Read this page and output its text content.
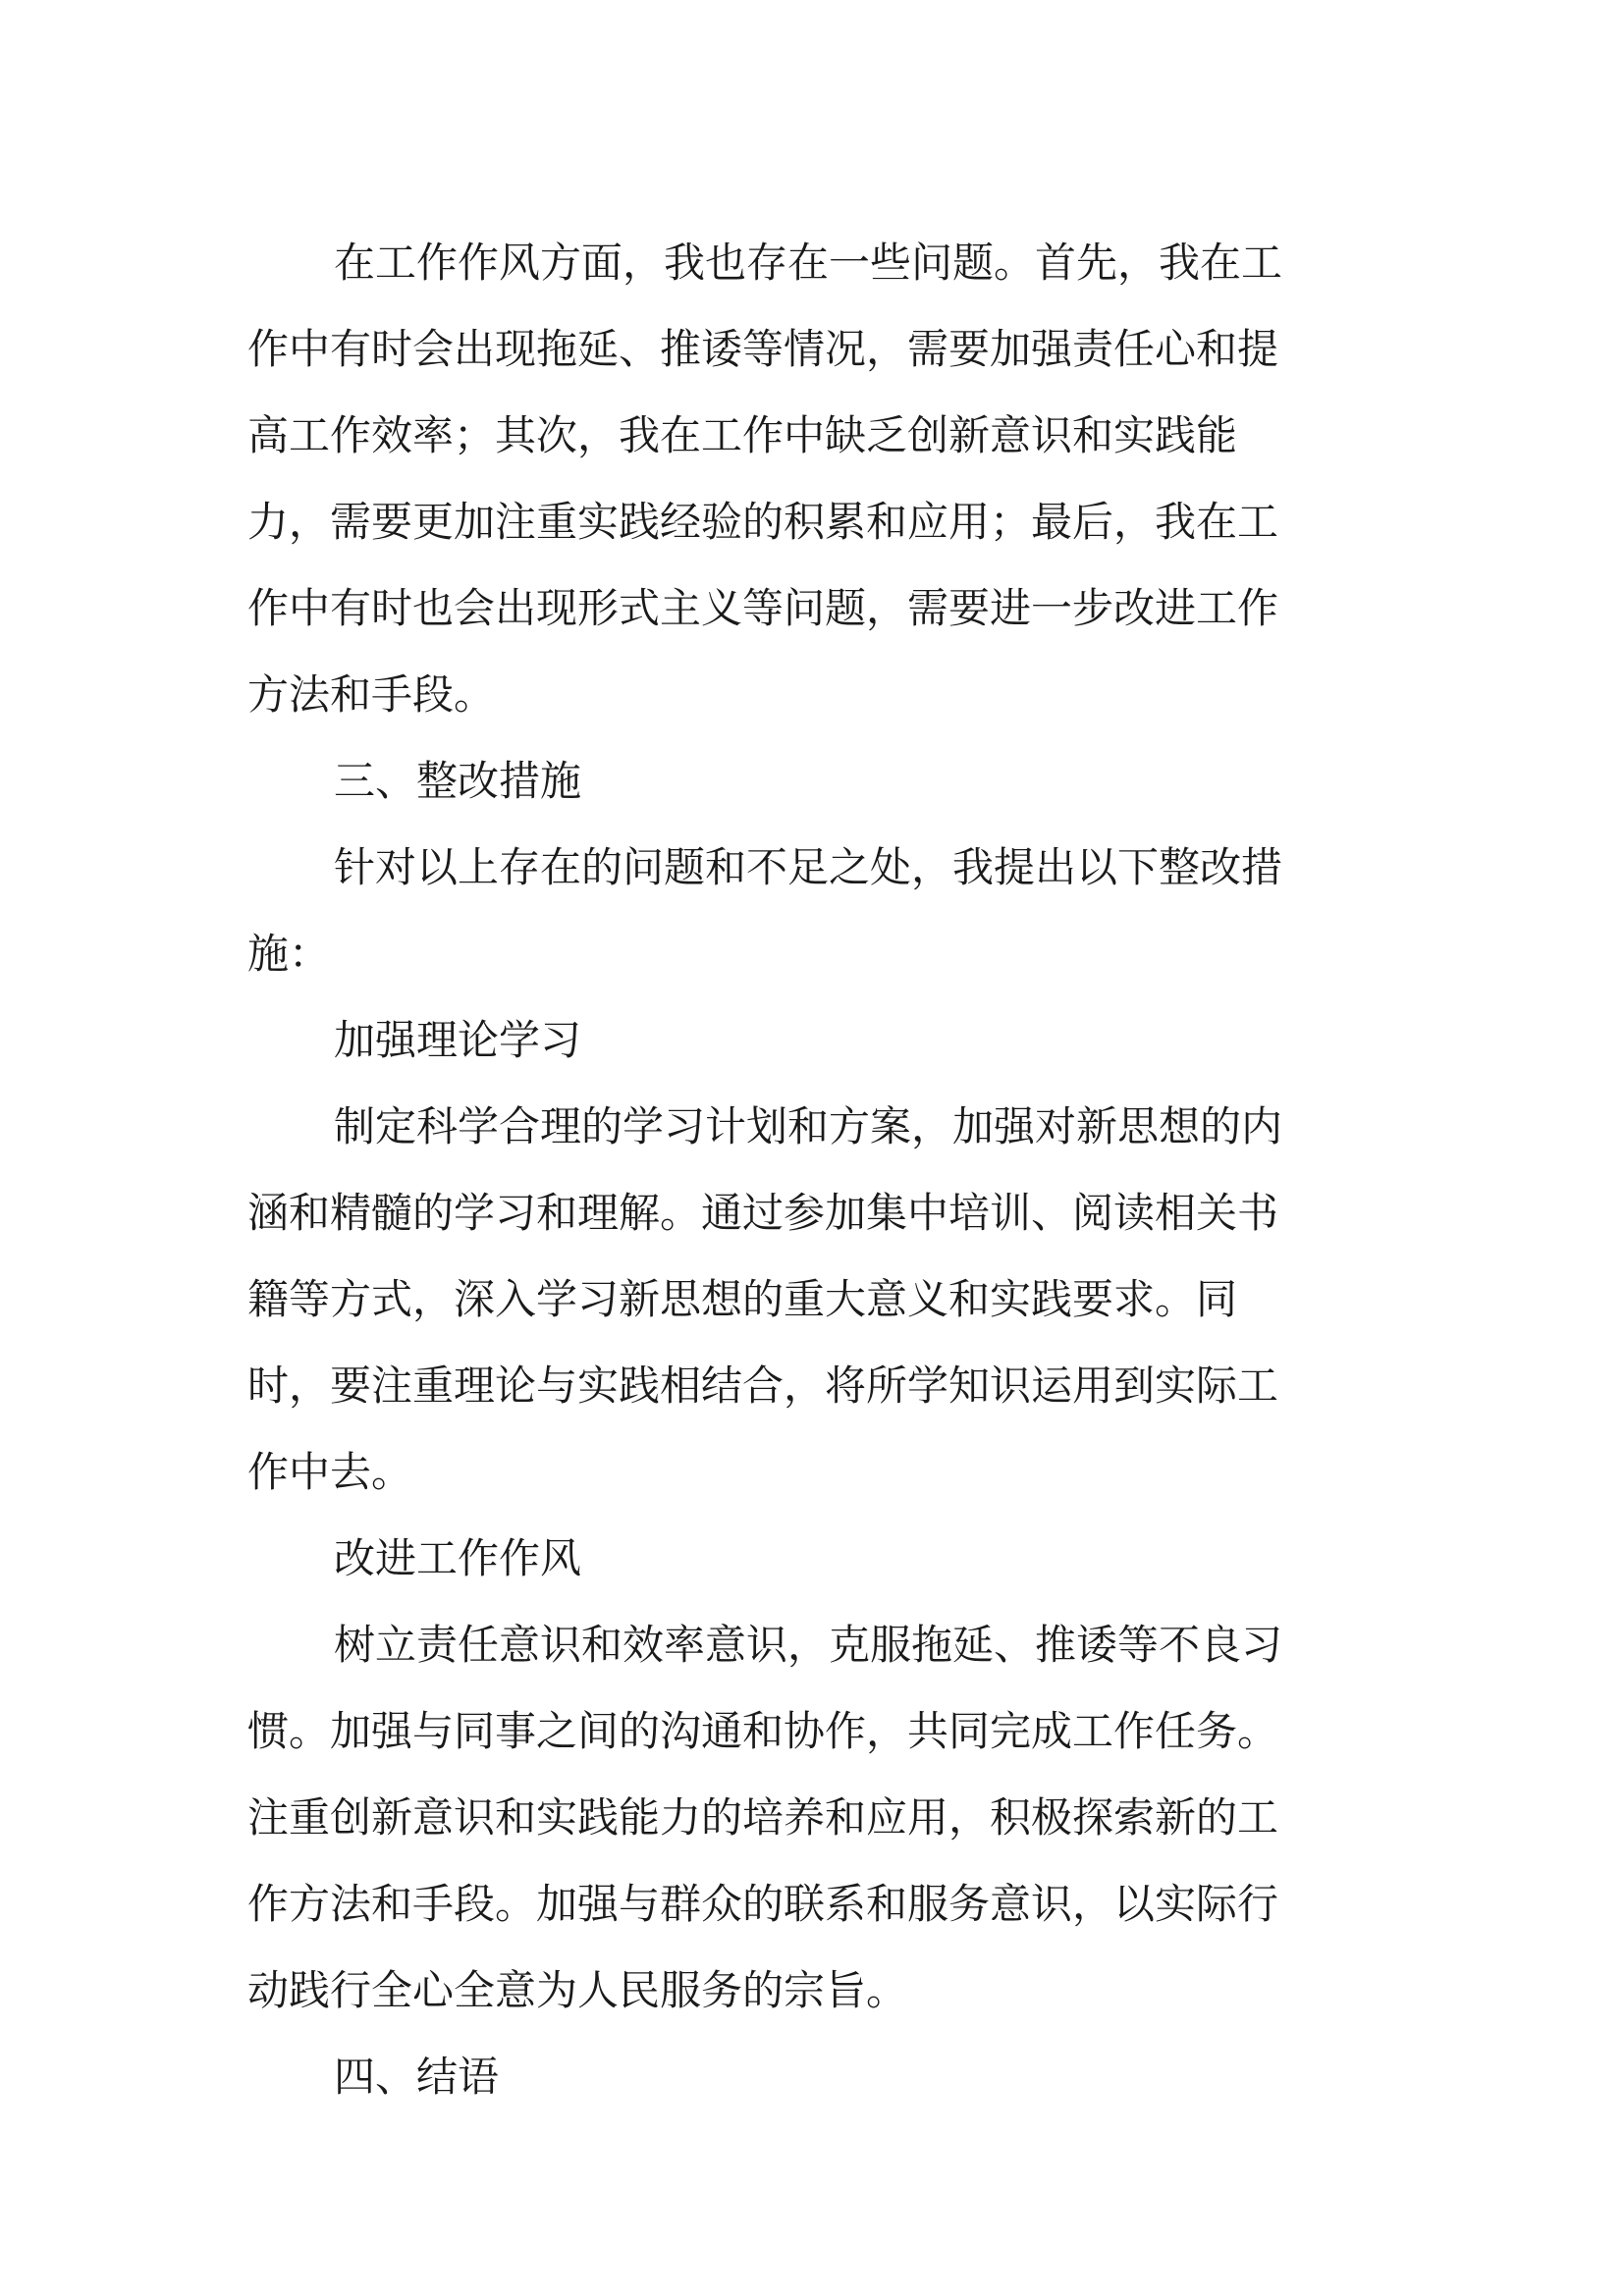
在工作作风方面，我也存在一些问题。首先，我在工
作中有时会出现拖延、推诿等情况，需要加强责任心和提
高工作效率；其次，我在工作中缺乏创新意识和实践能
力，需要更加注重实践经验的积累和应用；最后，我在工
作中有时也会出现形式主义等问题，需要进一步改进工作
方法和手段。
三、整改措施
针对以上存在的问题和不足之处，我提出以下整改措
施：
加强理论学习
制定科学合理的学习计划和方案，加强对新思想的内
涵和精髓的学习和理解。通过参加集中培训、阅读相关书
籍等方式，深入学习新思想的重大意义和实践要求。同
时，要注重理论与实践相结合，将所学知识运用到实际工
作中去。
改进工作作风
树立责任意识和效率意识，克服拖延、推诿等不良习
惯。加强与同事之间的沟通和协作，共同完成工作任务。
注重创新意识和实践能力的培养和应用，积极探索新的工
作方法和手段。加强与群众的联系和服务意识，以实际行
动践行全心全意为人民服务的宗旨。
四、结语
